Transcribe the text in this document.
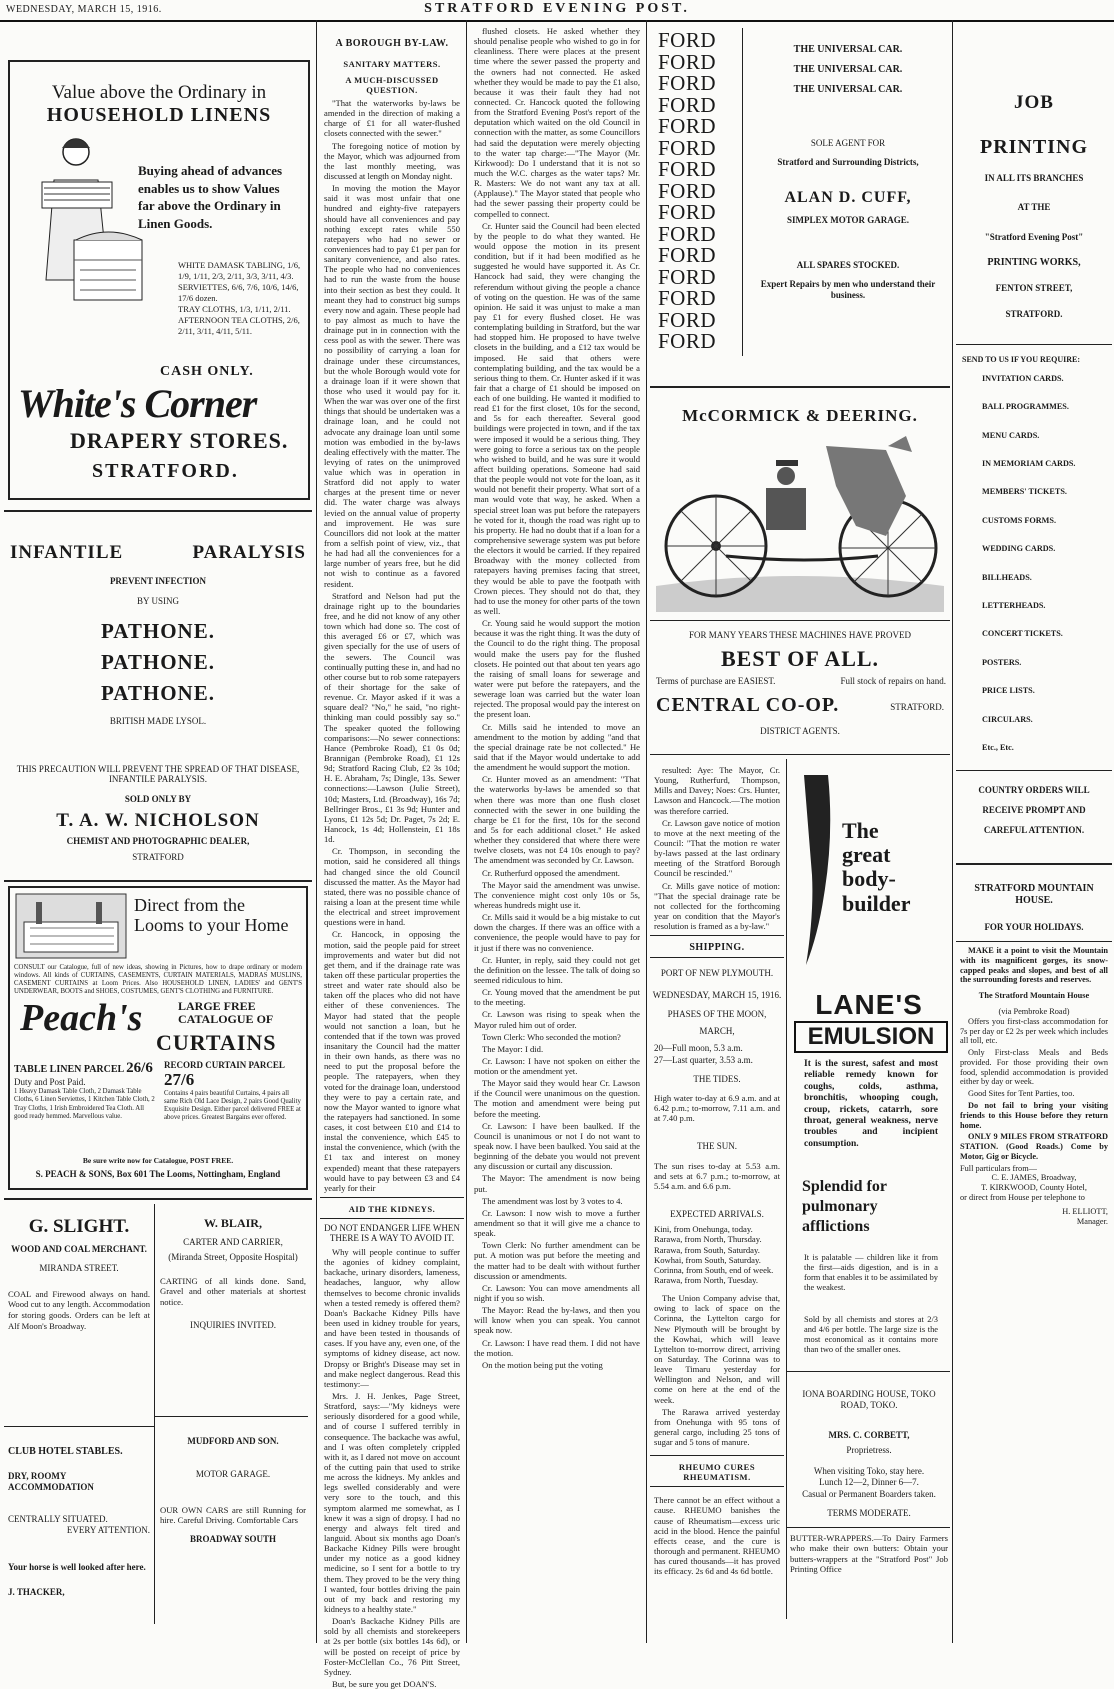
WEDNESDAY, MARCH 15, 1916.	STRATFORD EVENING POST.
Value above the Ordinary in
HOUSEHOLD LINENS
Buying ahead of advances enables us to show Values far above the Ordinary in Linen Goods.
WHITE DAMASK TABLING, 1/6, 1/9, 1/11, 2/3, 2/11, 3/3, 3/11, 4/3.
SERVIETTES, 6/6, 7/6, 10/6, 14/6, 17/6 dozen.
TRAY CLOTHS, 1/3, 1/11, 2/11.
AFTERNOON TEA CLOTHS, 2/6, 2/11, 3/11, 4/11, 5/11.
CASH ONLY.
White's Corner
DRAPERY STORES.
STRATFORD.
INFANTILE	PARALYSIS
PREVENT INFECTION
BY USING
PATHONE.
PATHONE.
PATHONE.
BRITISH MADE LYSOL.
THIS PRECAUTION WILL PREVENT THE SPREAD OF THAT DISEASE, INFANTILE PARALYSIS.
SOLD ONLY BY
T. A. W. NICHOLSON
CHEMIST AND PHOTOGRAPHIC DEALER,
STRATFORD
Direct from the Looms to your Home
CONSULT our Catalogue, full of new ideas, showing in Pictures, how to drape ordinary or modern windows. All kinds of CURTAINS, CASEMENTS, CURTAIN MATERIALS, MADRAS MUSLINS, CASEMENT CURTAINS at Loom Prices. Also HOUSEHOLD LINEN, LADIES' and GENT'S UNDERWEAR, BOOTS and SHOES, COSTUMES, GENT'S CLOTHING and FURNITURE.
Peach's	LARGE FREE CATALOGUE OF
CURTAINS
TABLE LINEN PARCEL 26/6
Duty and Post Paid.
1 Heavy Damask Table Cloth, 2 Damask Table Cloths, 6 Linen Serviettes, 1 Kitchen Table Cloth, 2 Tray Cloths, 1 Irish Embroidered Tea Cloth. All good ready hemmed. Marvellous value.
RECORD CURTAIN PARCEL
27/6
Contains 4 pairs beautiful Curtains, 4 pairs all same Rich Old Lace Design, 2 pairs Good Quality Exquisite Design. Either parcel delivered FREE at above prices. Greatest Bargains ever offered.
Be sure write now for Catalogue, POST FREE.
S. PEACH & SONS, Box 601 The Looms, Nottingham, England
G. SLIGHT.
WOOD AND COAL MERCHANT.
MIRANDA STREET.
COAL and Firewood always on hand. Wood cut to any length. Accommodation for storing goods. Orders can be left at Alf Moon's Broadway.
W. BLAIR,
CARTER AND CARRIER,
(Miranda Street, Opposite Hospital)
CARTING of all kinds done. Sand, Gravel and other materials at shortest notice.
INQUIRIES INVITED.
CLUB HOTEL STABLES.
DRY, ROOMY ACCOMMODATION
CENTRALLY SITUATED.
EVERY ATTENTION.
Your horse is well looked after here.
J. THACKER,
MUDFORD AND SON.
MOTOR GARAGE.
OUR OWN CARS are still Running for hire. Careful Driving. Comfortable Cars
BROADWAY SOUTH
A BOROUGH BY-LAW.
SANITARY MATTERS.
A MUCH-DISCUSSED QUESTION.

"That the waterworks by-laws be amended in the direction of making a charge of £1 for all water-flushed closets connected with the sewer."

The foregoing notice of motion by the Mayor, which was adjourned from the last monthly meeting, was discussed at length on Monday night.

In moving the motion the Mayor said it was most unfair that one hundred and eighty-five ratepayers should have all conveniences and pay nothing except rates while 550 ratepayers who had no sewer or conveniences had to pay £1 per pan for sanitary convenience, and also rates. The people who had no conveniences had to run the waste from the house into their section as best they could. It meant they had to construct big sumps every now and again. These people had to pay almost as much to have the drainage put in in connection with the cess pool as with the sewer. There was no possibility of carrying a loan for drainage under these circumstances, but the whole Borough would vote for a drainage loan if it were shown that those who used it would pay for it. When the war was over one of the first things that should be undertaken was a drainage loan, and he could not advocate any drainage loan until some motion was embodied in the by-laws dealing effectively with the matter. The levying of rates on the unimproved value which was in operation in Stratford did not apply to water charges at the present time or never did. The water charge was always levied on the annual value of property and improvement. He was sure Councillors did not look at the matter from a selfish point of view, viz., that he had had all the conveniences for a large number of years free, but he did not wish to continue as a favored resident.

Stratford and Nelson had put the drainage right up to the boundaries free, and he did not know of any other town which had done so. The cost of this averaged £6 or £7, which was given specially for the use of users of the sewers. The Council was continually putting these in, and had no other course but to rob some ratepayers of their shortage for the sake of revenue. Cr. Mayor asked if it was a square deal? "No," he said, "no right-thinking man could possibly say so." The speaker quoted the following comparisons:—No sewer connections: Hance (Pembroke Road), £1 0s 0d; Brannigan (Pembroke Road), £1 12s 9d; Stratford Racing Club, £2 3s 10d; H. E. Abraham, 7s; Dingle, 13s. Sewer connections:—Lawson (Julie Street), 10d; Masters, Ltd. (Broadway), 16s 7d; Bellringer Bros., £1 3s 9d; Hunter and Lyons, £1 12s 5d; Dr. Paget, 7s 2d; E. Hancock, 1s 4d; Hollenstein, £1 18s 1d.

Cr. Thompson, in seconding the motion, said he considered all things had changed since the old Council discussed the matter. As the Mayor had stated, there was no possible chance of raising a loan at the present time while the electrical and street improvement questions were in hand.

Cr. Hancock, in opposing the motion, said the people paid for street improvements and water but did not get them, and if the drainage rate was taken off these particular properties the street and water rate should also be taken off the places who did not have either of these conveniences. The Mayor had stated that the people would not sanction a loan, but he contended that if the town was proved insanitary the Council had the matter in their own hands, as there was no need to put the proposal before the people. The ratepayers, when they voted for the drainage loan, understood they were to pay a certain rate, and now the Mayor wanted to ignore what the ratepayers had sanctioned. In some cases, it cost between £10 and £14 to instal the convenience, which £45 to instal the convenience, which (with the £1 tax and interest on money expended) meant that these ratepayers would have to pay between £3 and £4 yearly for their

AID THE KIDNEYS.
DO NOT ENDANGER LIFE WHEN THERE IS A WAY TO AVOID IT.

Why will people continue to suffer the agonies of kidney complaint, backache, urinary disorders, lameness, headaches, languor, why allow themselves to become chronic invalids when a tested remedy is offered them? Doan's Backache Kidney Pills have been used in kidney trouble for years, and have been tested in thousands of cases. If you have any, even one, of the symptoms of kidney disease, act now. Dropsy or Bright's Disease may set in and make neglect dangerous. Read this testimony:—

Mrs. J. H. Jenkes, Page Street, Stratford, says:—"My kidneys were seriously disordered for a good while, and of course I suffered terribly in consequence. The backache was awful, and I was often completely crippled with it, as I dared not move on account of the cutting pain that used to strike me across the kidneys. My ankles and legs swelled considerably and were very sore to the touch, and this symptom alarmed me somewhat, as I knew it was a sign of dropsy. I had no energy and always felt tired and languid. About six months ago Doan's Backache Kidney Pills were brought under my notice as a good kidney medicine, so I sent for a bottle to try them. They proved to be the very thing I wanted, four bottles driving the pain out of my back and restoring my kidneys to a healthy state."

Doan's Backache Kidney Pills are sold by all chemists and storekeepers at 2s per bottle (six bottles 14s 6d), or will be posted on receipt of price by Foster-McClellan Co., 76 Pitt Street, Sydney.

But, be sure you get DOAN'S.

flushed closets. He asked whether they should penalise people who wished to go in for cleanliness. There were places at the present time where the sewer passed the property and the owners had not connected. He asked whether they would be made to pay the £1 also, because it was their fault they had not connected. Cr. Hancock quoted the following from the Stratford Evening Post's report of the deputation which waited on the old Council in connection with the matter, as some Councillors had said the deputation were merely objecting to the water tap charge:—"The Mayor (Mr. Kirkwood): Do I understand that it is not so much the W.C. charges as the water taps? Mr. R. Masters: We do not want any tax at all. (Applause)." The Mayor stated that people who had the sewer passing their property could be compelled to connect.

Cr. Hunter said the Council had been elected by the people to do what they wanted. He would oppose the motion in its present condition, but if it had been modified as he suggested he would have supported it. As Cr. Hancock had said, they were changing the referendum without giving the people a chance of voting on the question. He was of the same opinion. He said it was unjust to make a man pay £1 for every flushed closet. He was contemplating building in Stratford, but the war had stopped him. He proposed to have twelve closets in the building, and a £12 tax would be imposed. He said that others were contemplating building, and the tax would be a serious thing to them. Cr. Hunter asked if it was fair that a charge of £1 should be imposed on each of one building. He wanted it modified to read £1 for the first closet, 10s for the second, and 5s for each thereafter. Several good buildings were projected in town, and if the tax were imposed it would be a serious thing. They were going to force a serious tax on the people who wished to build, and he was sure it would affect building operations. Someone had said that the people would not vote for the loan, as it would not benefit their property. What sort of a man would vote that way, he asked. When a special street loan was put before the ratepayers he voted for it, though the road was right up to his property. He had no doubt that if a loan for a comprehensive sewerage system was put before the electors it would be carried. If they repaired Broadway with the money collected from ratepayers having premises facing that street, they would be able to pave the footpath with Crown pieces. They should not do that, they had to use the money for other parts of the town as well.

Cr. Young said he would support the motion because it was the right thing. It was the duty of the Council to do the right thing. The proposal would make the users pay for the flushed closets. He pointed out that about ten years ago the raising of small loans for sewerage and water were put before the ratepayers, and the sewerage loan was carried but the water loan rejected. The proposal would pay the interest on the present loan.

Cr. Mills said he intended to move an amendment to the motion by adding "and that the special drainage rate be not collected." He said that if the Mayor would undertake to add the amendment he would support the motion.

Cr. Hunter moved as an amendment: "That the waterworks by-laws be amended so that when there was more than one flush closet connected with the sewer in one building the charge be £1 for the first, 10s for the second and 5s for each additional closet." He asked whether they considered that where there were twelve closets, was not £4 10s enough to pay? The amendment was seconded by Cr. Lawson.

Cr. Rutherfurd opposed the amendment.

The Mayor said the amendment was unwise. The convenience might cost only 10s or 5s, whereas hundreds might use it.

Cr. Mills said it would be a big mistake to cut down the charges. If there was an office with a convenience, the people would have to pay for it just if there was no convenience.

Cr. Hunter, in reply, said they could not get the definition on the lessee. The talk of doing so seemed ridiculous to him.

Cr. Young moved that the amendment be put to the meeting.

Cr. Lawson was rising to speak when the Mayor ruled him out of order.

Town Clerk: Who seconded the motion?

The Mayor: I did.

Cr. Lawson: I have not spoken on either the motion or the amendment yet.

The Mayor said they would hear Cr. Lawson if the Council were unanimous on the question. The motion and amendment were being put before the meeting.

Cr. Lawson: I have been baulked. If the Council is unanimous or not I do not want to speak now. I have been baulked. You said at the beginning of the debate you would not prevent any discussion or curtail any discussion.

The Mayor: The amendment is now being put.

The amendment was lost by 3 votes to 4.

Cr. Lawson: I now wish to move a further amendment so that it will give me a chance to speak.

Town Clerk: No further amendment can be put. A motion was put before the meeting and the matter had to be dealt with without further discussion or amendments.

Cr. Lawson: You can move amendments all night if you so wish.

The Mayor: Read the by-laws, and then you will know when you can speak. You cannot speak now.

Cr. Lawson: I have read them. I did not have the motion.

On the motion being put the voting

FORD
FORD
FORD
FORD
FORD
FORD
FORD
FORD
FORD
FORD
FORD
FORD
FORD
FORD
FORD
THE UNIVERSAL CAR.
THE UNIVERSAL CAR.
THE UNIVERSAL CAR.
SOLE AGENT FOR
Stratford and Surrounding Districts,
ALAN D. CUFF,
SIMPLEX MOTOR GARAGE.
ALL SPARES STOCKED.
Expert Repairs by men who understand their business.
McCORMICK & DEERING.
FOR MANY YEARS THESE MACHINES HAVE PROVED
BEST OF ALL.
Terms of purchase are EASIEST.	Full stock of repairs on hand.
CENTRAL CO-OP.	STRATFORD.
DISTRICT AGENTS.

resulted: Aye: The Mayor, Cr. Young, Rutherfurd, Thompson, Mills and Davey; Noes: Crs. Hunter, Lawson and Hancock.—The motion was therefore carried.

Cr. Lawson gave notice of motion to move at the next meeting of the Council: "That the motion re water by-laws passed at the last ordinary meeting of the Stratford Borough Council be rescinded."

Cr. Mills gave notice of motion: "That the special drainage rate be not collected for the forthcoming year on condition that the Mayor's resolution is framed as a by-law."

SHIPPING.
PORT OF NEW PLYMOUTH.
WEDNESDAY, MARCH 15, 1916.
PHASES OF THE MOON,
MARCH,
20—Full moon, 5.3 a.m.
27—Last quarter, 3.53 a.m.
THE TIDES.
High water to-day at 6.9 a.m. and at 6.42 p.m.; to-morrow, 7.11 a.m. and at 7.40 p.m.
THE SUN.
The sun rises to-day at 5.53 a.m. and sets at 6.7 p.m.; to-morrow, at 5.54 a.m. and 6.6 p.m.
EXPECTED ARRIVALS.
Kini, from Onehunga, today.
Rarawa, from North, Thursday.
Rarawa, from South, Saturday.
Kowhai, from South, Saturday.
Corinna, from South, end of week.
Rarawa, from North, Tuesday.

The Union Company advise that, owing to lack of space on the Corinna, the Lyttelton cargo for New Plymouth will be brought by the Kowhai, which will leave Lyttelton to-morrow direct, arriving on Saturday. The Corinna was to leave Timaru yesterday for Wellington and Nelson, and will come on here at the end of the week.

The Rarawa arrived yesterday from Onehunga with 95 tons of general cargo, including 25 tons of sugar and 5 tons of manure.

RHEUMO CURES RHEUMATISM.
There cannot be an effect without a cause. RHEUMO banishes the cause of Rheumatism—excess uric acid in the blood. Hence the painful effects cease, and the cure is thorough and permanent. RHEUMO has cured thousands—it has proved its efficacy. 2s 6d and 4s 6d bottle.
The
great
body-
builder
LANE'S
EMULSION
It is the surest, safest and most reliable remedy known for coughs, colds, asthma, bronchitis, whooping cough, croup, rickets, catarrh, sore throat, general weakness, nerve troubles and incipient consumption.
Splendid for pulmonary afflictions
It is palatable — children like it from the first—aids digestion, and is in a form that enables it to be assimilated by the weakest.
Sold by all chemists and stores at 2/3 and 4/6 per bottle. The large size is the most economical as it contains more than two of the smaller ones.
IONA BOARDING HOUSE, TOKO ROAD, TOKO.
MRS. C. CORBETT,
Proprietress.
When visiting Toko, stay here.
Lunch 12—2, Dinner 6—7.
Casual or Permanent Boarders taken.
TERMS MODERATE.
BUTTER-WRAPPERS.—To Dairy Farmers who make their own butters: Obtain your butters-wrappers at the "Stratford Post" Job Printing Office
JOB
PRINTING
IN ALL ITS BRANCHES
AT THE
"Stratford Evening Post"
PRINTING WORKS,
FENTON STREET,
STRATFORD.
SEND TO US IF YOU REQUIRE:
INVITATION CARDS.
BALL PROGRAMMES.
MENU CARDS.
IN MEMORIAM CARDS.
MEMBERS' TICKETS.
CUSTOMS FORMS.
WEDDING CARDS.
BILLHEADS.
LETTERHEADS.
CONCERT TICKETS.
POSTERS.
PRICE LISTS.
CIRCULARS.
Etc., Etc.
COUNTRY ORDERS WILL RECEIVE PROMPT AND CAREFUL ATTENTION.
STRATFORD MOUNTAIN HOUSE.
FOR YOUR HOLIDAYS.

MAKE it a point to visit the Mountain with its magnificent gorges, its snow-capped peaks and slopes, and best of all the surrounding forests and reserves.

The Stratford Mountain House
(via Pembroke Road)

Offers you first-class accommodation for 7s per day or £2 2s per week which includes all toll, etc.

Only First-class Meals and Beds provided. For those providing their own food, splendid accommodation is provided either by day or week.

Good Sites for Tent Parties, too.

Do not fail to bring your visiting friends to this House before they return home.

ONLY 9 MILES FROM STRATFORD STATION. (Good Roads.) Come by Motor, Gig or Bicycle.

Full particulars from—
C. E. JAMES, Broadway,
T. KIRKWOOD, County Hotel,
or direct from House per telephone to
H. ELLIOTT,
Manager.
